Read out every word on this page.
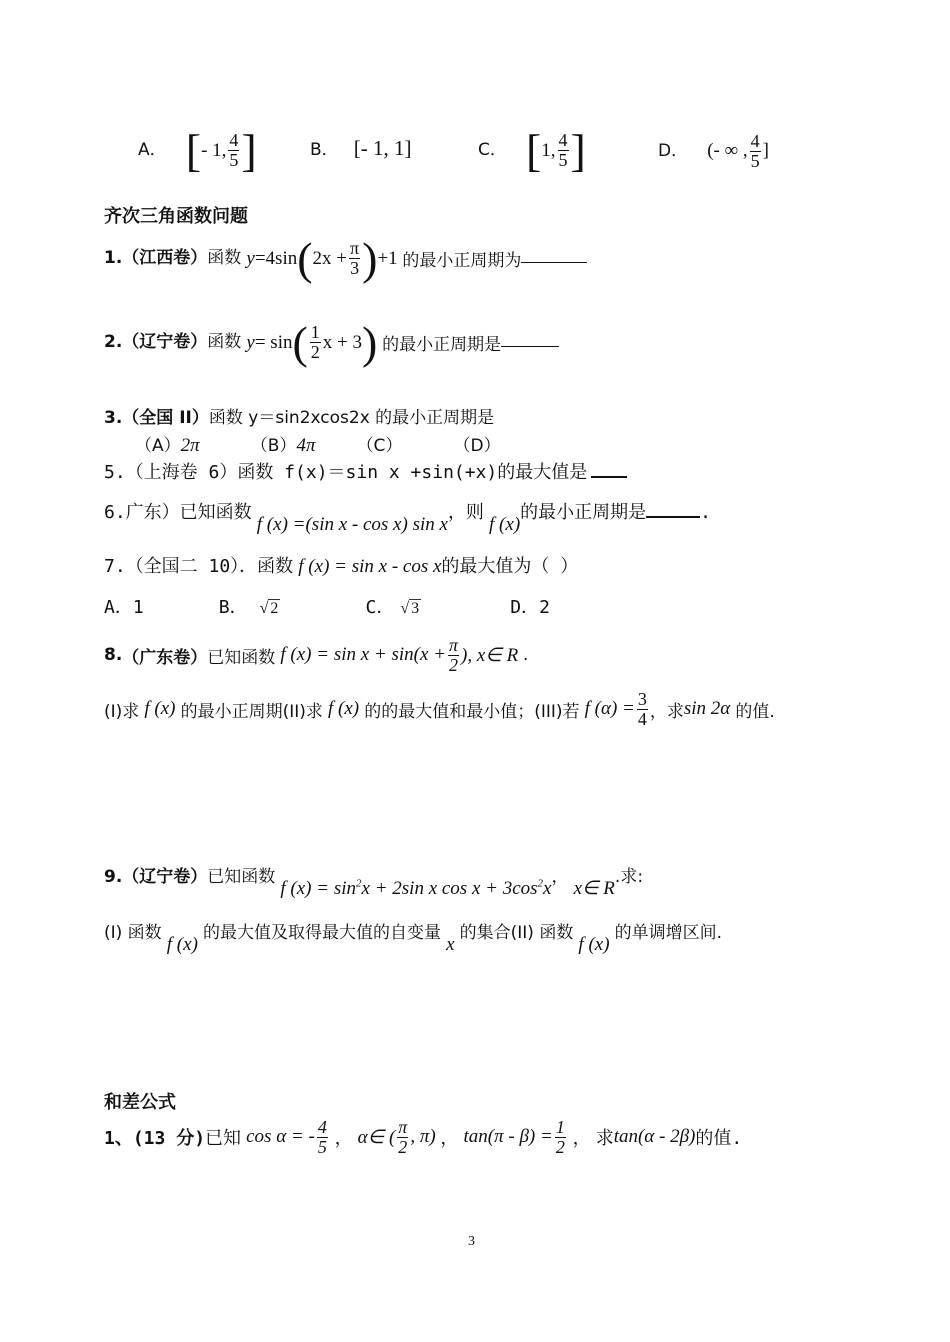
A． [- 1, $\frac{4}{5}$ ]	B． [- 1, 1]	C． [1, $\frac{4}{5}$ ]	D． (- ∞ , $\frac{4}{5}$ ]
齐次三角函数问题
1.（江西卷）函数 $y=4\sin(2x + \frac{\pi}{3} )+1$ 的最小正周期为
2.（辽宁卷）函数 $y= \sin( \frac{1}{2}$ x + 3) 的最小正周期是
3.（全国 II）函数 y＝sin2xcos2x 的最小正周期是
（A）2π	（B）4π （C）	（D）
5.（上海卷 6）函数 f(x)＝sin x +sin(+x)的最大值是
6.广东）已知函数 f (x) =(sin x - cos x) sin x，则 f (x)的最小正周期是	.
7.（全国二 10）．函数 f (x) = sin x - cos x的最大值为（ ）
A．1	B． √ 2	C． √ 3	D．2
8.（广东卷）已知函数 f $(x) = \sin x + \sin(x + \frac{\pi}{2}$ ), x∈ R .
(I)求 f (x) 的最小正周期(II)求 f (x) 的的最大值和最小值；(III)若 f $(\alpha) = \frac{3}{4}$ ，求sin 2α 的值.
9.（辽宁卷）已知函数 f $(x) = \sin^2x + 2\sin$ x $\cos x + 3\cos^2x$， x∈ R.求:
(I) 函数 f (x) 的最大值及取得最大值的自变量 x 的集合(II) 函数 f (x) 的单调增区间.
和差公式
1、(13 分)已知 cos α = - $\frac{4}{5}$ ， α∈ ( $\frac{\pi}{2}$ , π) ， $\tan(\pi - \beta) = \frac{1}{2}$ ， 求tan(α - 2β)的值.
3
